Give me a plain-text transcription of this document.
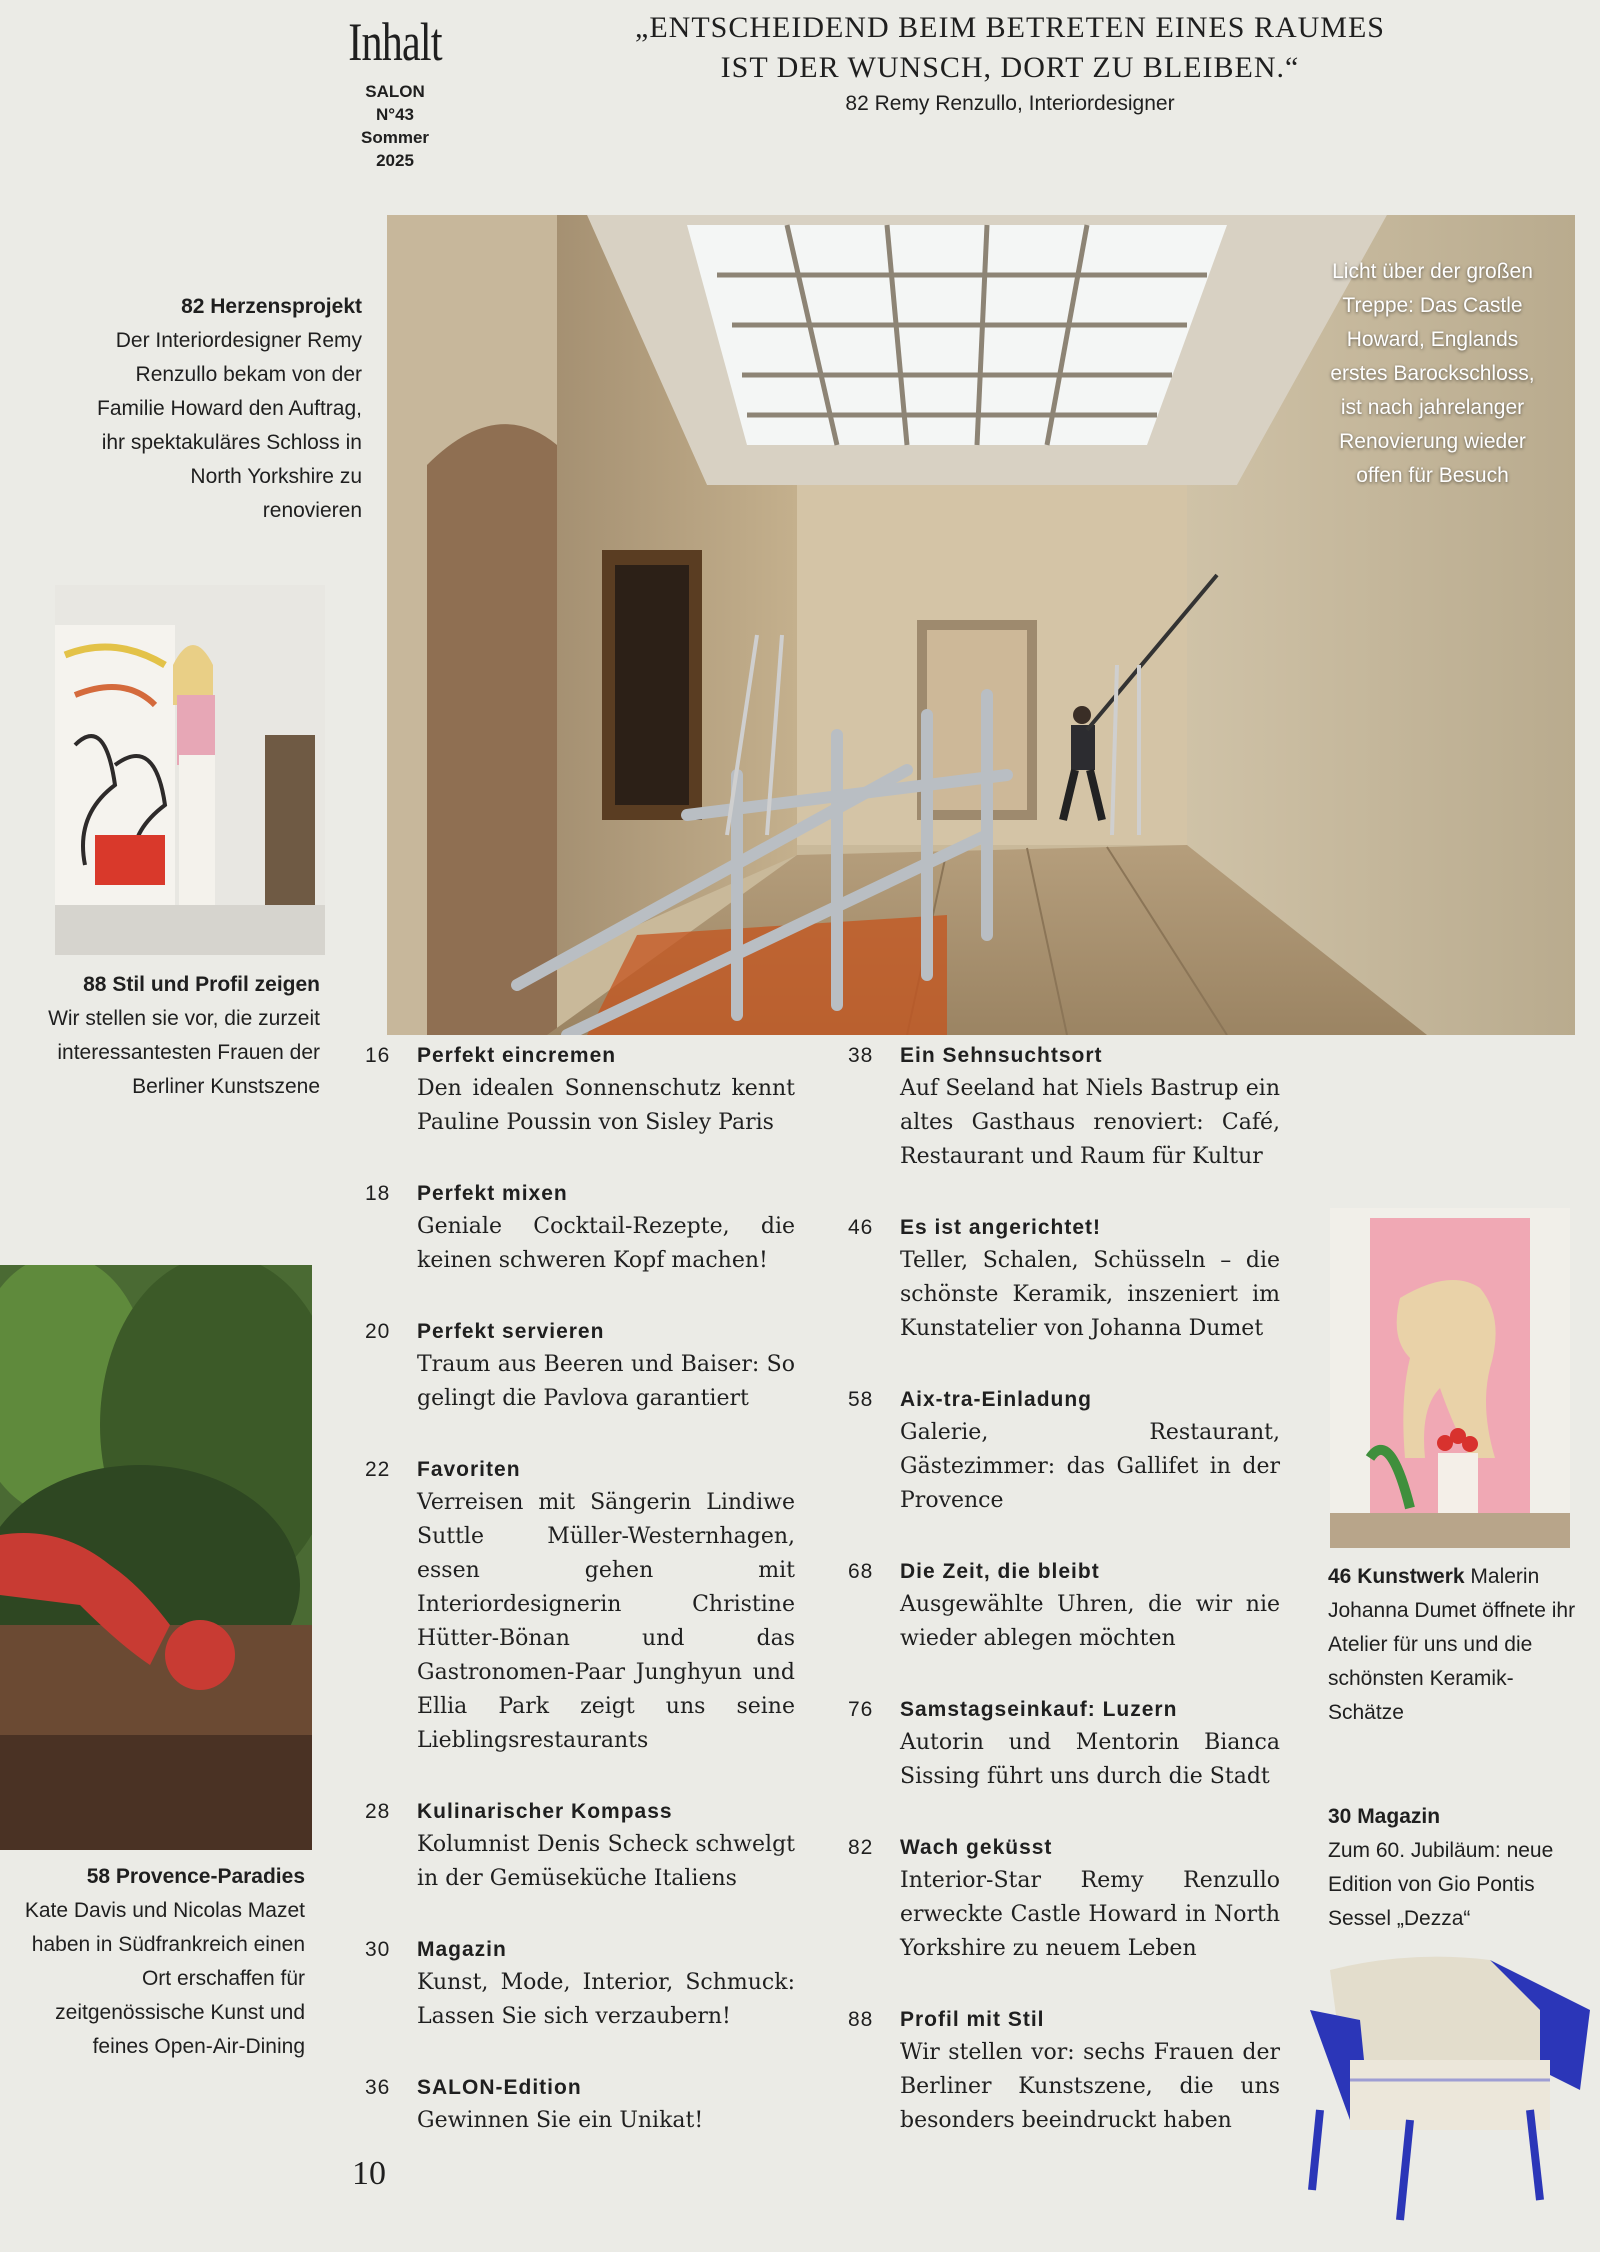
Inhalt
SALON
N°43
Sommer
2025
„ENTSCHEIDEND BEIM BETRETEN EINES RAUMES
IST DER WUNSCH, DORT ZU BLEIBEN.“
82 Remy Renzullo, Interiordesigner
82 Herzensprojekt
Der Interiordesigner Remy Renzullo bekam von der Familie Howard den Auftrag, ihr spektakuläres Schloss in North Yorkshire zu renovieren
Licht über der großen Treppe: Das Castle Howard, Englands erstes Barockschloss, ist nach jahrelanger Renovierung wieder offen für Besuch
88 Stil und Profil zeigen
Wir stellen sie vor, die zurzeit interessantesten Frauen der Berliner Kunstszene
58 Provence-Paradies
Kate Davis und Nicolas Mazet haben in Südfrankreich einen Ort erschaffen für zeitgenössische Kunst und feines Open-Air-Dining
16	Perfekt eincremen
Den idealen Sonnenschutz kennt Pauline Poussin von Sisley Paris
18	Perfekt mixen
Geniale Cocktail-Rezepte, die keinen schweren Kopf machen!
20	Perfekt servieren
Traum aus Beeren und Baiser: So gelingt die Pavlova garantiert
22	Favoriten
Verreisen mit Sängerin Lindiwe Suttle Müller-Westernhagen, essen gehen mit Interiordesignerin Christine Hütter-Bönan und das Gastronomen-Paar Junghyun und Ellia Park zeigt uns seine Lieblingsrestaurants
28	Kulinarischer Kompass
Kolumnist Denis Scheck schwelgt in der Gemüseküche Italiens
30	Magazin
Kunst, Mode, Interior, Schmuck: Lassen Sie sich verzaubern!
36	SALON-Edition
Gewinnen Sie ein Unikat!
38	Ein Sehnsuchtsort
Auf Seeland hat Niels Bastrup ein altes Gasthaus renoviert: Café, Restaurant und Raum für Kultur
46	Es ist angerichtet!
Teller, Schalen, Schüsseln – die schönste Keramik, inszeniert im Kunstatelier von Johanna Dumet
58	Aix-tra-Einladung
Galerie, Restaurant, Gästezimmer: das Gallifet in der Provence
68	Die Zeit, die bleibt
Ausgewählte Uhren, die wir nie wieder ablegen möchten
76	Samstagseinkauf: Luzern
Autorin und Mentorin Bianca Sissing führt uns durch die Stadt
82	Wach geküsst
Interior-Star Remy Renzullo erweckte Castle Howard in North Yorkshire zu neuem Leben
88	Profil mit Stil
Wir stellen vor: sechs Frauen der Berliner Kunstszene, die uns besonders beeindruckt haben
46 Kunstwerk Malerin Johanna Dumet öffnete ihr Atelier für uns und die schönsten Keramik-Schätze
30 Magazin
Zum 60. Jubiläum: neue Edition von Gio Pontis Sessel „Dezza“
10
